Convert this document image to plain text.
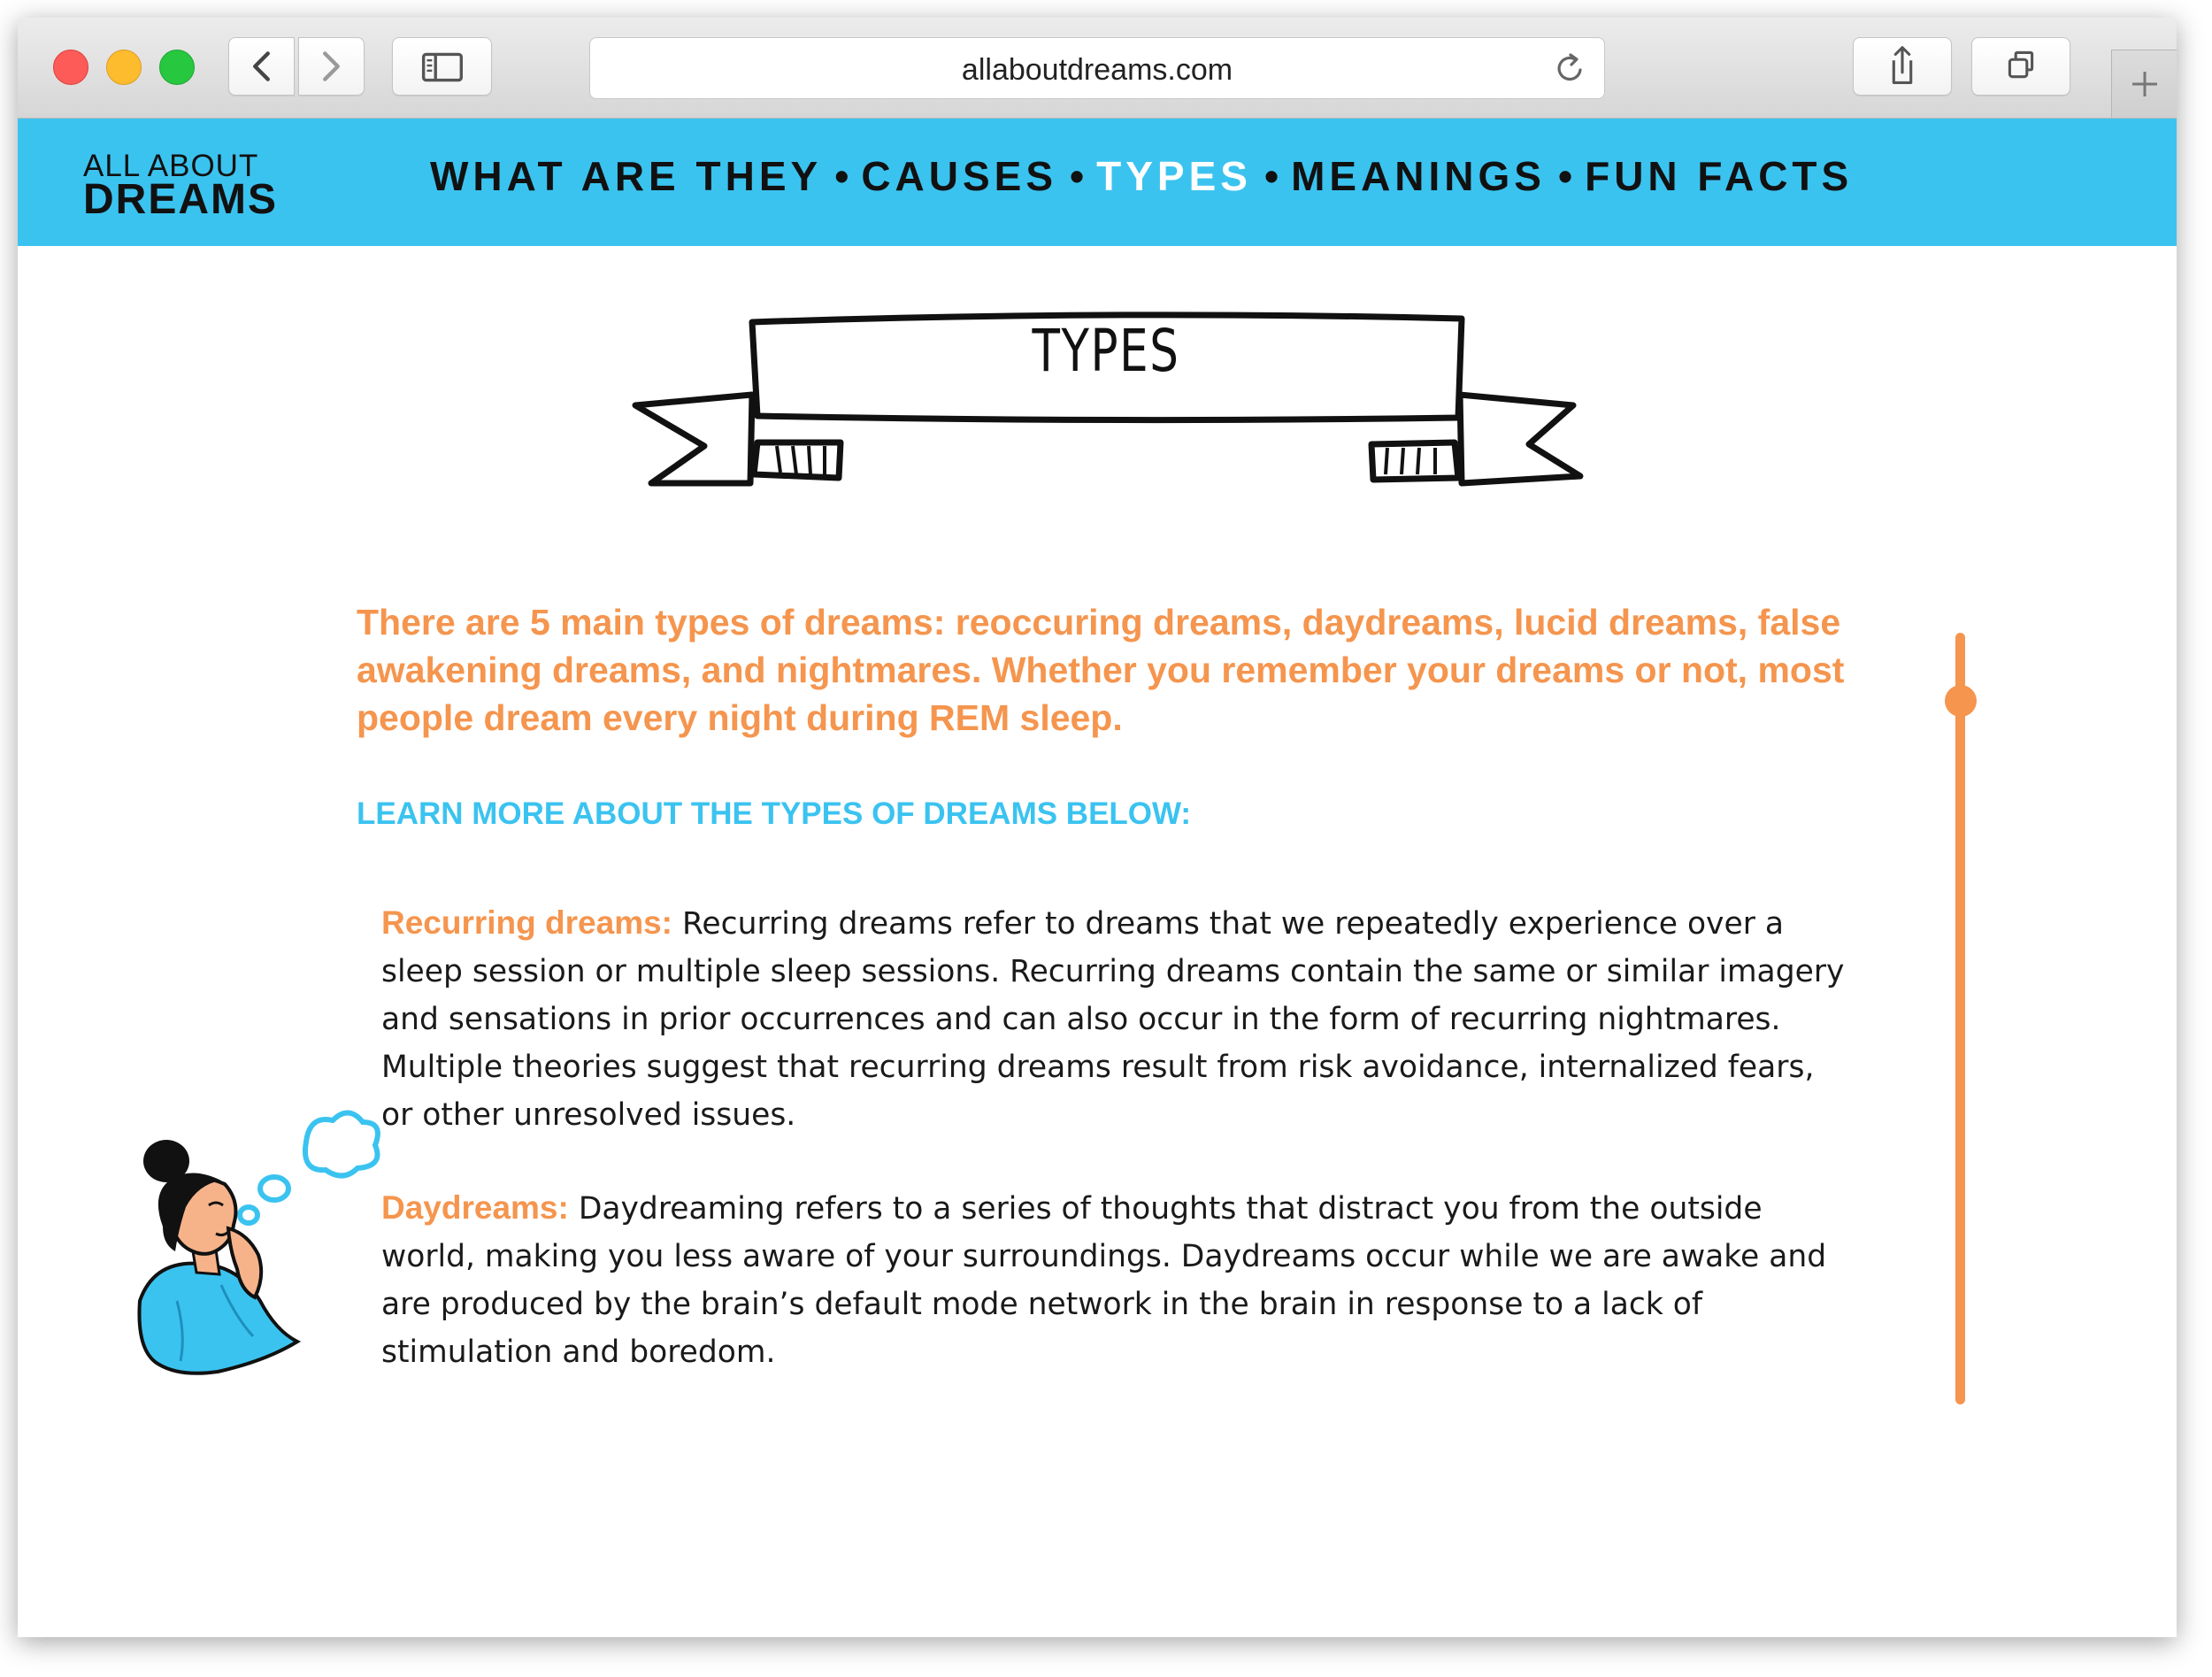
allaboutdreams.com
ALL ABOUT
DREAMS	WHAT ARE THEY • CAUSES • TYPES • MEANINGS • FUN FACTS
TYPES

There are 5 main types of dreams: reoccuring dreams, daydreams, lucid dreams, false awakening dreams, and nightmares. Whether you remember your dreams or not, most people dream every night during REM sleep.

LEARN MORE ABOUT THE TYPES OF DREAMS BELOW:

Recurring dreams: Recurring dreams refer to dreams that we repeatedly experience over a sleep session or multiple sleep sessions. Recurring dreams contain the same or similar imagery and sensations in prior occurrences and can also occur in the form of recurring nightmares. Multiple theories suggest that recurring dreams result from risk avoidance, internalized fears, or other unresolved issues.

Daydreams: Daydreaming refers to a series of thoughts that distract you from the outside world, making you less aware of your surroundings. Daydreams occur while we are awake and are produced by the brain’s default mode network in the brain in response to a lack of stimulation and boredom.
